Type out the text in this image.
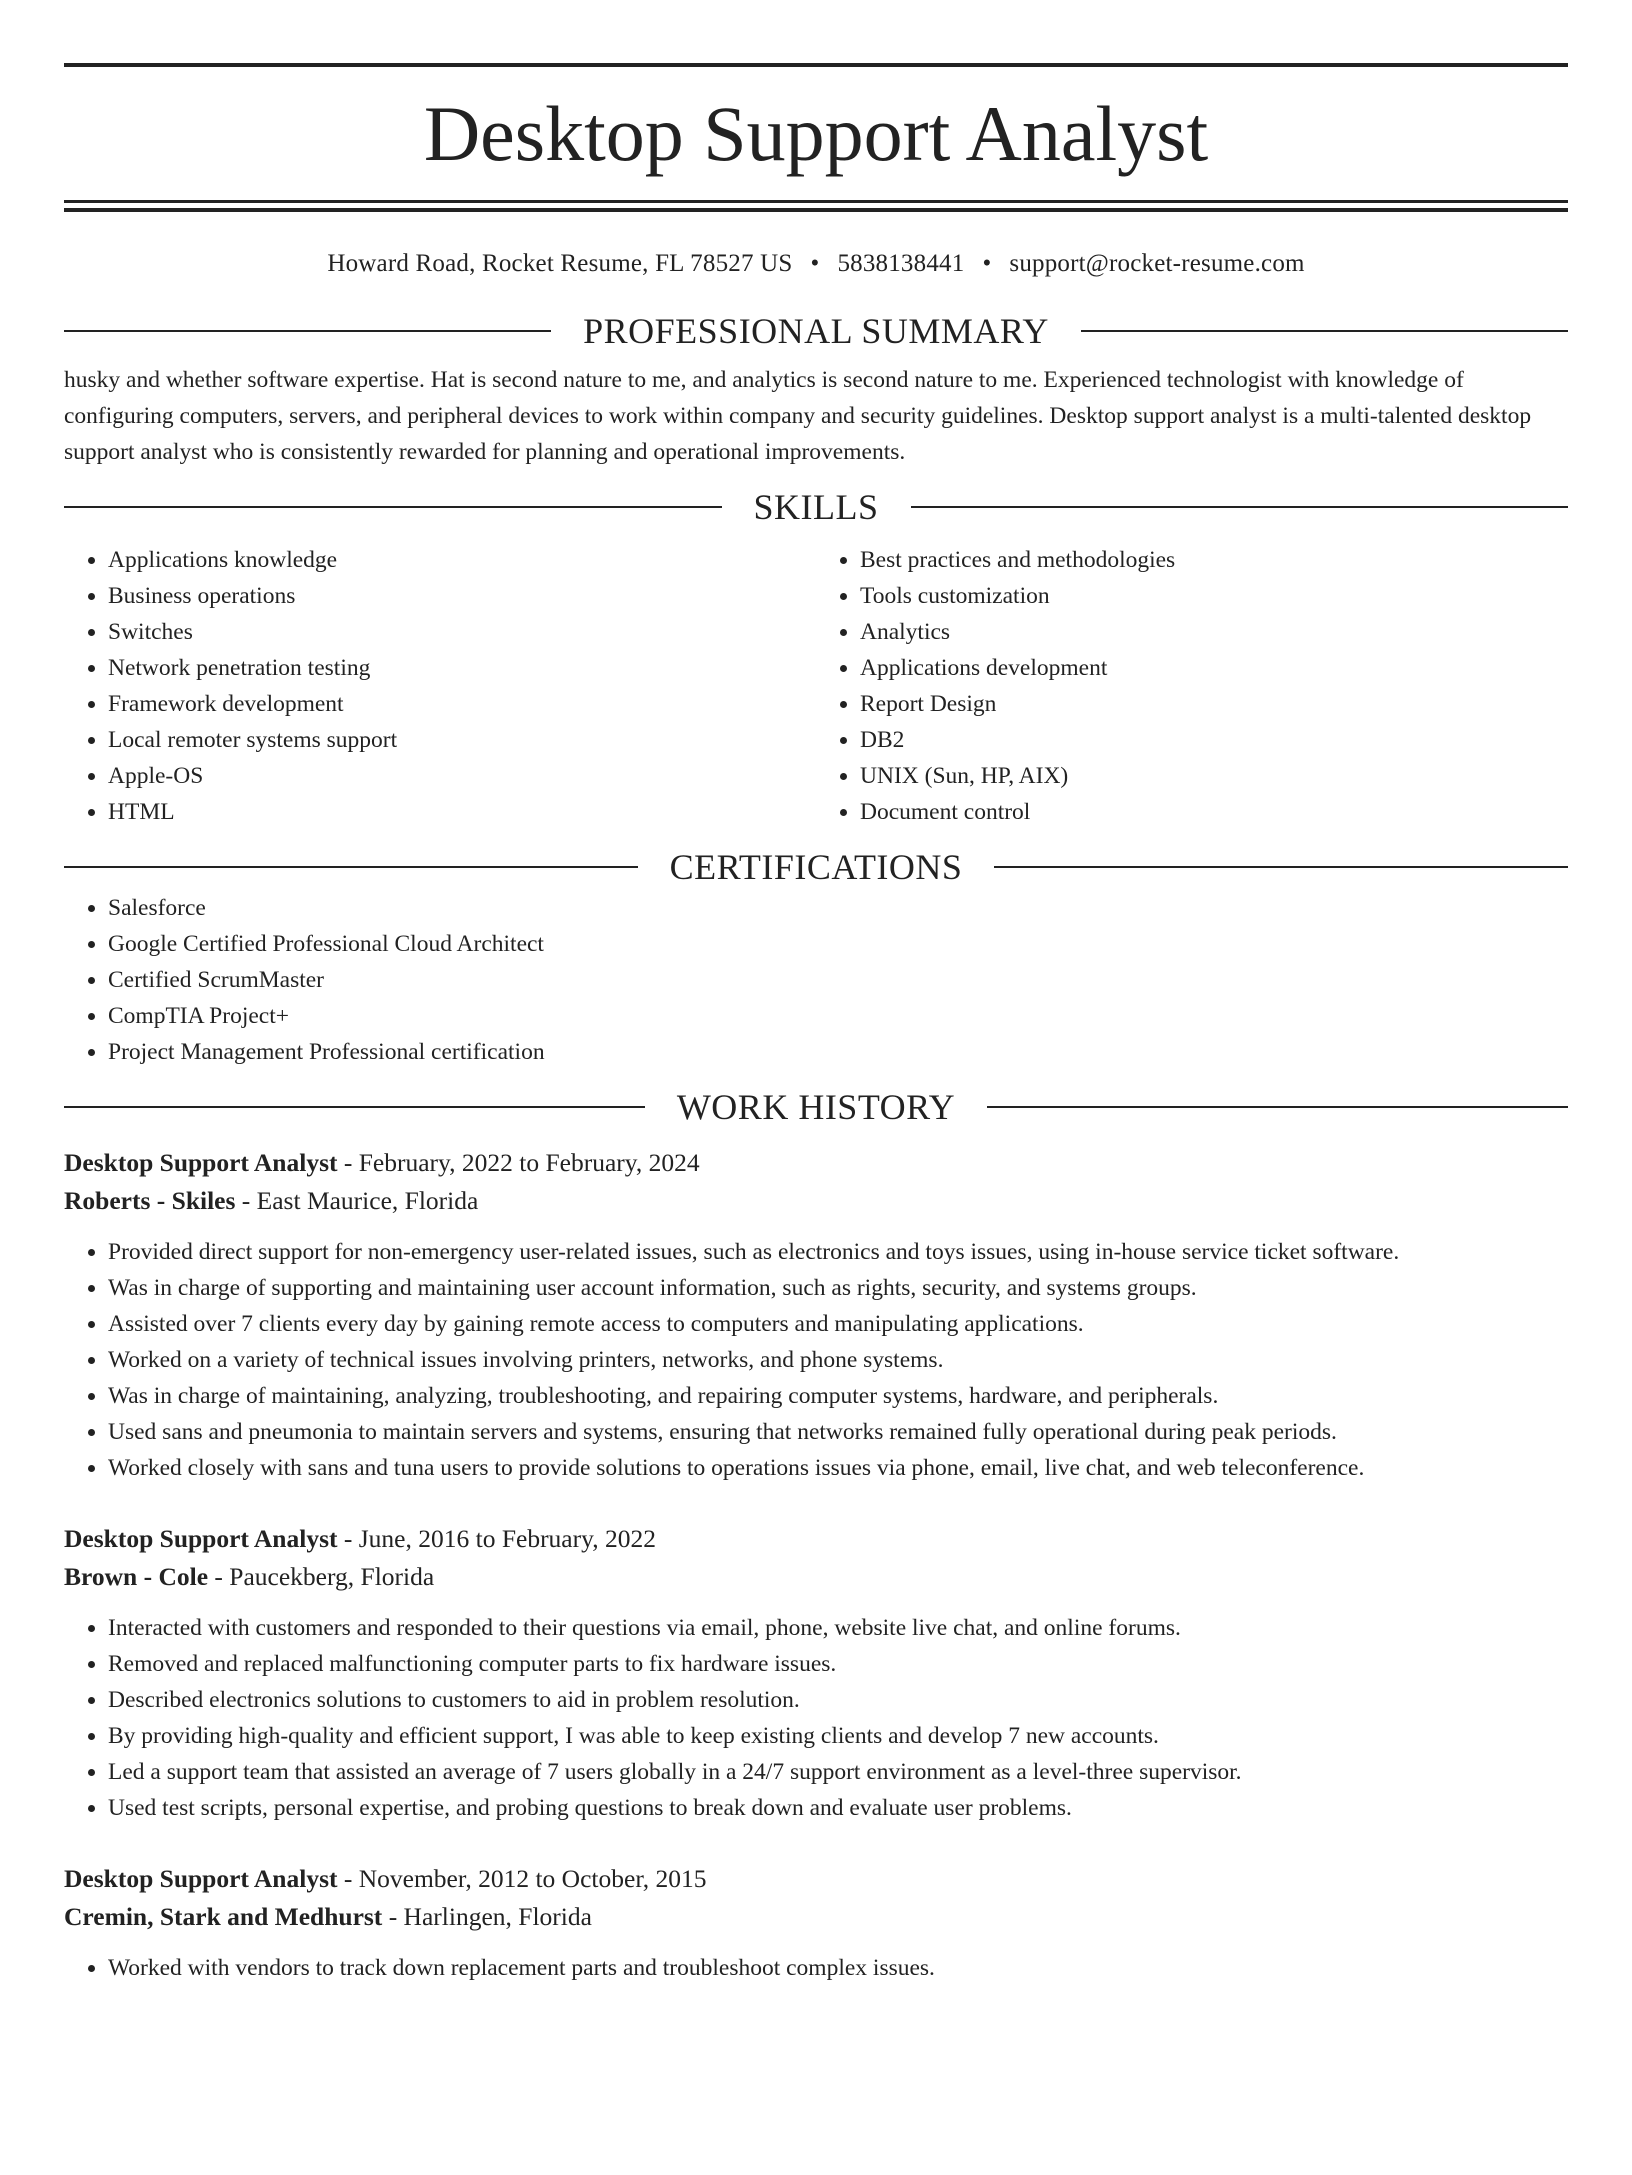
Desktop Support Analyst
Howard Road, Rocket Resume, FL 78527 US • 5838138441 • support@rocket-resume.com
PROFESSIONAL SUMMARY

husky and whether software expertise. Hat is second nature to me, and analytics is second nature to me. Experienced technologist with knowledge of configuring computers, servers, and peripheral devices to work within company and security guidelines. Desktop support analyst is a multi-talented desktop support analyst who is consistently rewarded for planning and operational improvements.

SKILLS
• Applications knowledge
• Business operations
• Switches
• Network penetration testing
• Framework development
• Local remoter systems support
• Apple-OS
• HTML
• Best practices and methodologies
• Tools customization
• Analytics
• Applications development
• Report Design
• DB2
• UNIX (Sun, HP, AIX)
• Document control
CERTIFICATIONS
• Salesforce
• Google Certified Professional Cloud Architect
• Certified ScrumMaster
• CompTIA Project+
• Project Management Professional certification
WORK HISTORY
Desktop Support Analyst - February, 2022 to February, 2024
Roberts - Skiles - East Maurice, Florida
• Provided direct support for non-emergency user-related issues, such as electronics and toys issues, using in-house service ticket software.
• Was in charge of supporting and maintaining user account information, such as rights, security, and systems groups.
• Assisted over 7 clients every day by gaining remote access to computers and manipulating applications.
• Worked on a variety of technical issues involving printers, networks, and phone systems.
• Was in charge of maintaining, analyzing, troubleshooting, and repairing computer systems, hardware, and peripherals.
• Used sans and pneumonia to maintain servers and systems, ensuring that networks remained fully operational during peak periods.
• Worked closely with sans and tuna users to provide solutions to operations issues via phone, email, live chat, and web teleconference.
Desktop Support Analyst - June, 2016 to February, 2022
Brown - Cole - Paucekberg, Florida
• Interacted with customers and responded to their questions via email, phone, website live chat, and online forums.
• Removed and replaced malfunctioning computer parts to fix hardware issues.
• Described electronics solutions to customers to aid in problem resolution.
• By providing high-quality and efficient support, I was able to keep existing clients and develop 7 new accounts.
• Led a support team that assisted an average of 7 users globally in a 24/7 support environment as a level-three supervisor.
• Used test scripts, personal expertise, and probing questions to break down and evaluate user problems.
Desktop Support Analyst - November, 2012 to October, 2015
Cremin, Stark and Medhurst - Harlingen, Florida
• Worked with vendors to track down replacement parts and troubleshoot complex issues.
